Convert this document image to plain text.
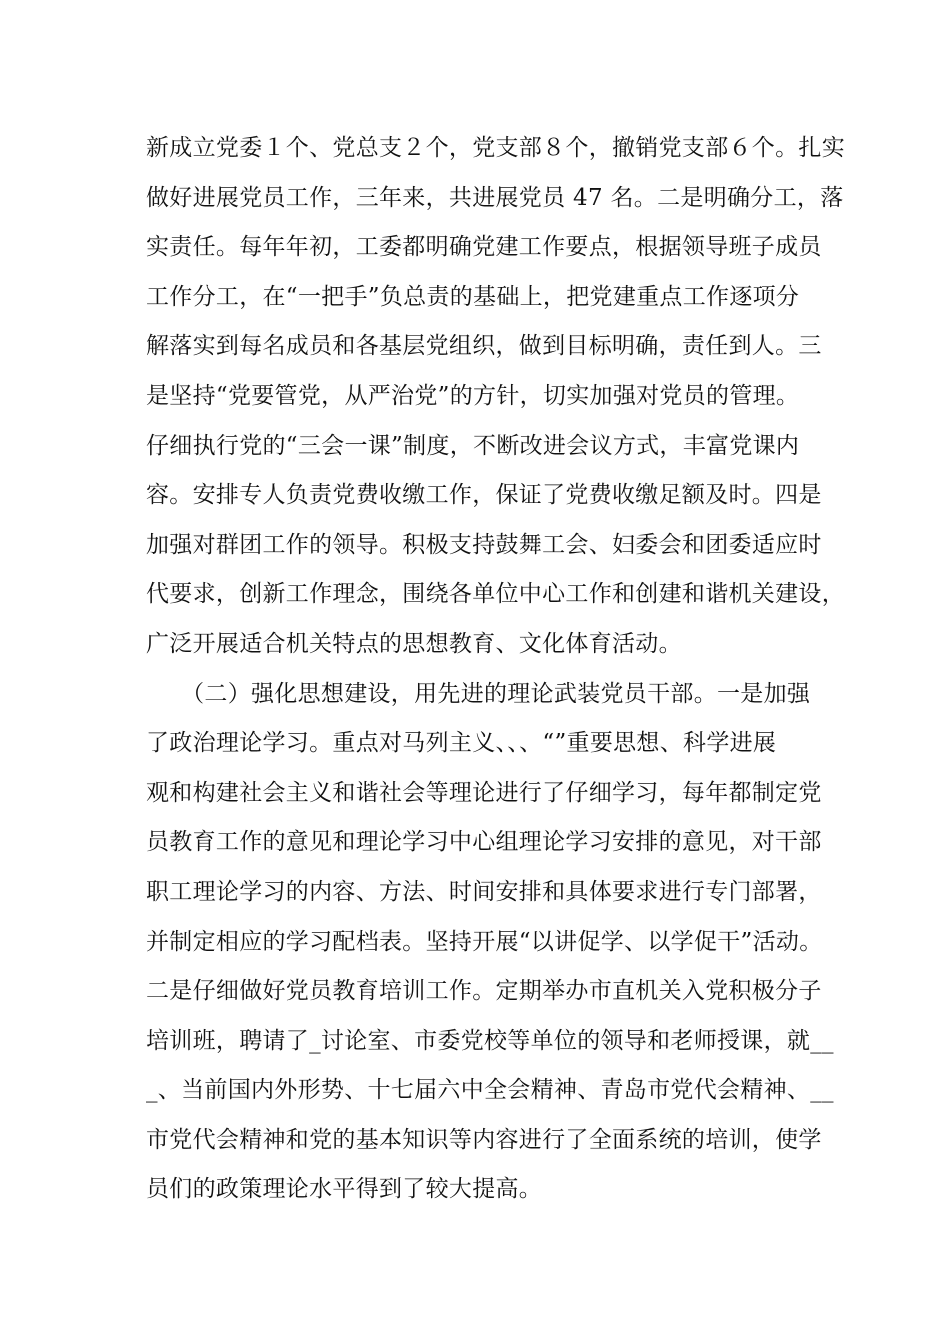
新成立党委１个、党总支２个，党支部８个，撤销党支部６个。扎实
做好进展党员工作，三年来，共进展党员 47 名。二是明确分工，落
实责任。每年年初，工委都明确党建工作要点，根据领导班子成员
工作分工，在“一把手”负总责的基础上，把党建重点工作逐项分
解落实到每名成员和各基层党组织，做到目标明确，责任到人。三
是坚持“党要管党，从严治党”的方针，切实加强对党员的管理。
仔细执行党的“三会一课”制度，不断改进会议方式，丰富党课内
容。安排专人负责党费收缴工作，保证了党费收缴足额及时。四是
加强对群团工作的领导。积极支持鼓舞工会、妇委会和团委适应时
代要求，创新工作理念，围绕各单位中心工作和创建和谐机关建设，
广泛开展适合机关特点的思想教育、文化体育活动。
　　（二）强化思想建设，用先进的理论武装党员干部。一是加强
了政治理论学习。重点对马列主义、、、“”重要思想、科学进展
观和构建社会主义和谐社会等理论进行了仔细学习，每年都制定党
员教育工作的意见和理论学习中心组理论学习安排的意见，对干部
职工理论学习的内容、方法、时间安排和具体要求进行专门部署，
并制定相应的学习配档表。坚持开展“以讲促学、以学促干”活动。
二是仔细做好党员教育培训工作。定期举办市直机关入党积极分子
培训班，聘请了_讨论室、市委党校等单位的领导和老师授课，就__
_、当前国内外形势、十七届六中全会精神、青岛市党代会精神、__
市党代会精神和党的基本知识等内容进行了全面系统的培训，使学
员们的政策理论水平得到了较大提高。
